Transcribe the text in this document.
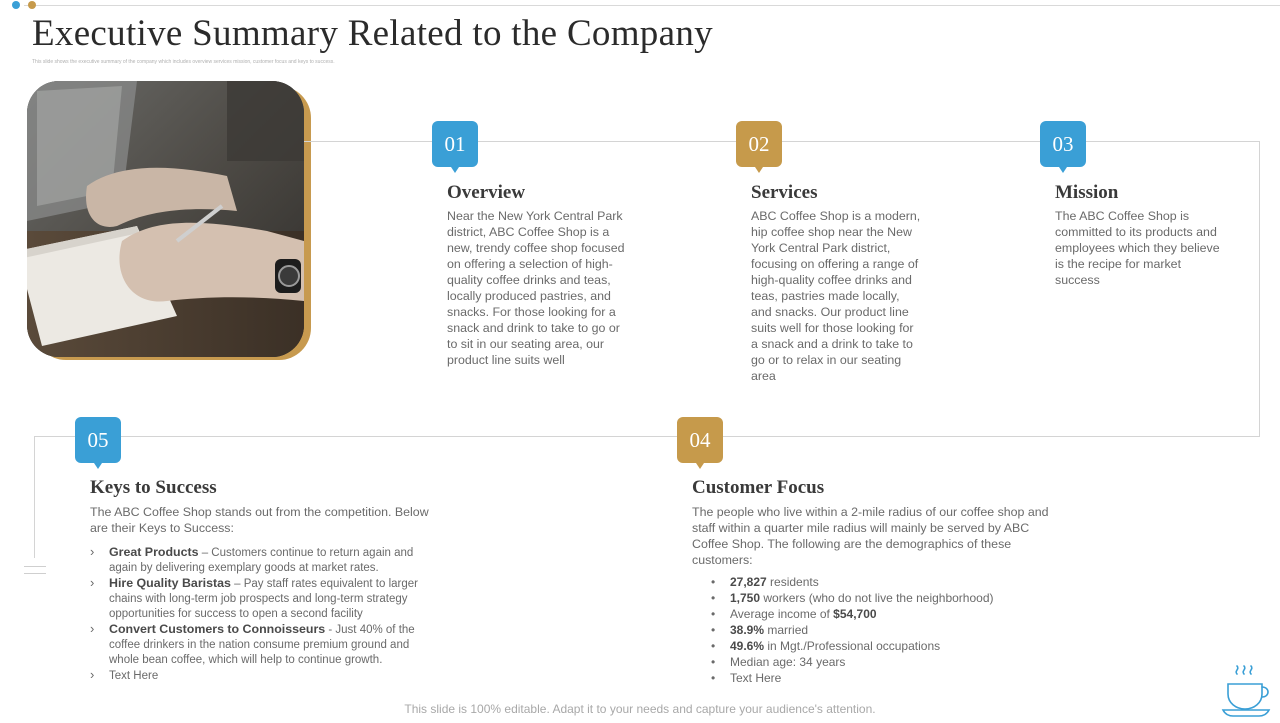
Executive Summary Related to the Company
This slide shows the executive summary of the company which includes overview services mission, customer focus and keys to success.
01
Overview
Near the New York Central Park district, ABC Coffee Shop is a new, trendy coffee shop focused on offering a selection of high-quality coffee drinks and teas, locally produced pastries, and snacks. For those looking for a snack and drink to take to go or to sit in our seating area, our product line suits well
02
Services
ABC Coffee Shop is a modern, hip coffee shop near the New York Central Park district, focusing on offering a range of high-quality coffee drinks and teas, pastries made locally, and snacks. Our product line suits well for those looking for a snack and a drink to take to go or to relax in our seating area
03
Mission
The ABC Coffee Shop is committed to its products and employees which they believe is the recipe for market success
05
Keys to Success
The ABC Coffee Shop stands out from the competition. Below are their Keys to Success:
› Great Products – Customers continue to return again and again by delivering exemplary goods at market rates.
› Hire Quality Baristas – Pay staff rates equivalent to larger chains with long-term job prospects and long-term strategy opportunities for success to open a second facility
› Convert Customers to Connoisseurs - Just 40% of the coffee drinkers in the nation consume premium ground and whole bean coffee, which will help to continue growth.
› Text Here
04
Customer Focus
The people who live within a 2-mile radius of our coffee shop and staff within a quarter mile radius will mainly be served by ABC Coffee Shop. The following are the demographics of these customers:
• 27,827 residents
• 1,750 workers (who do not live the neighborhood)
• Average income of $54,700
• 38.9% married
• 49.6% in Mgt./Professional occupations
• Median age: 34 years
• Text Here
This slide is 100% editable. Adapt it to your needs and capture your audience's attention.
